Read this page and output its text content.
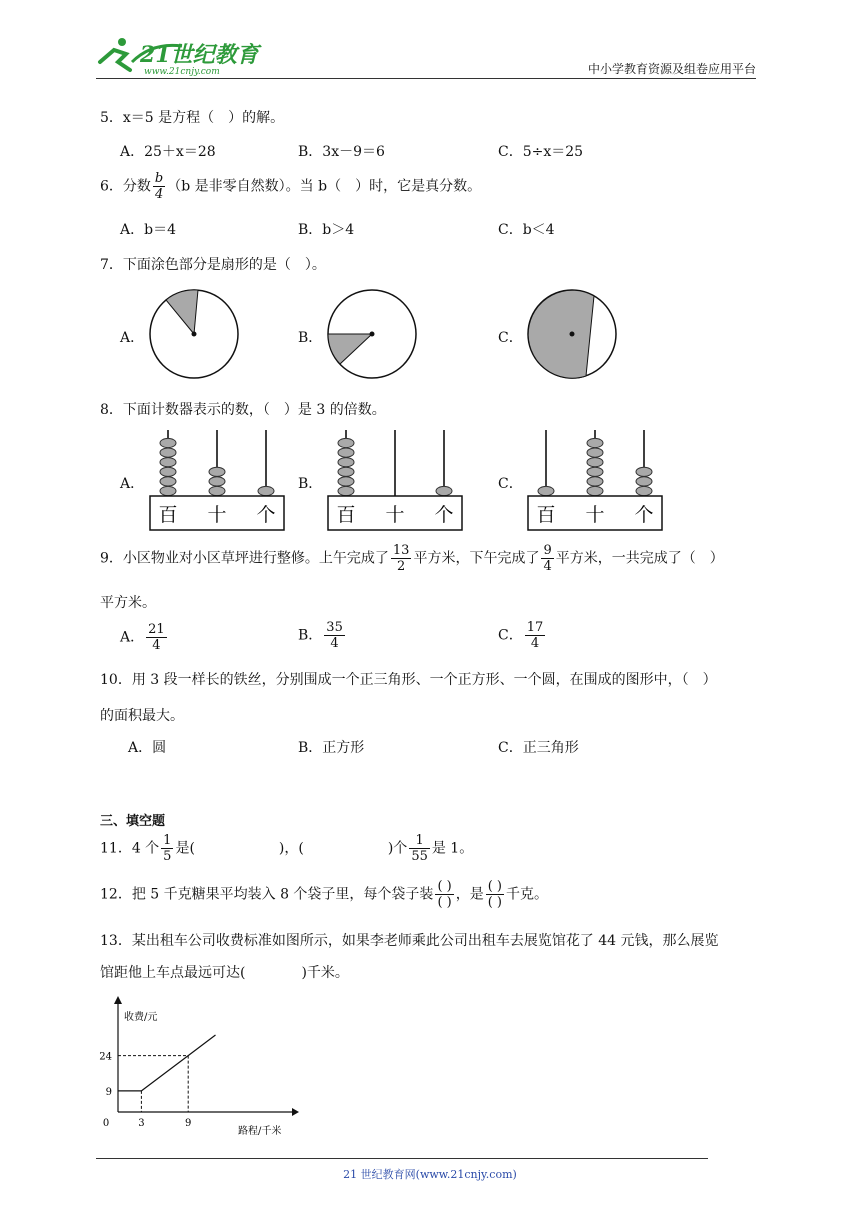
21世纪教育
www.21cnjy.com	中小学教育资源及组卷应用平台
5．x＝5 是方程（　）的解。
A．25＋x＝28	B．3x－9＝6	C．5÷x＝25
6．分数 $\frac{b}{4} (b$ 是非零自然数）。当 b（　）时，它是真分数。
A．b＝4	B．b＞4	C．b＜4
7．下面涂色部分是扇形的是（　）。
A．	B．	C．
8．下面计数器表示的数，（　）是 3 的倍数。
A．	B．	C．
百 十 个	百 十 个	百 十 个
9．小区物业对小区草坪进行整修。上午完成了 $\frac{13}{2}$ 平方米，下午完成了 $\frac{9}{4}$ 平方米，一共完成了（　）
平方米。
A． $\frac{21}{4}$	B． $\frac{35}{4}$	C． $\frac{17}{4}$
10．用 3 段一样长的铁丝，分别围成一个正三角形、一个正方形、一个圆，在围成的图形中，（　）
的面积最大。
A．圆	B．正方形	C．正三角形
三、填空题
11．4 个 $\frac{1}{5}$ 是(　　　　　　)，(　　　　　　)个 $\frac{1}{55}$ 是 1。
12．把 5 千克糖果平均装入 8 个袋子里，每个袋子装 $\frac{( )}{( )}$ ，是 $\frac{( )}{( )}$ 千克。
13．某出租车公司收费标准如图所示，如果李老师乘此公司出租车去展览馆花了 44 元钱，那么展览
馆距他上车点最远可达(　　　　)千米。
收费/元
路程/千米
9
24
0	3	9
21 世纪教育网(www.21cnjy.com)
